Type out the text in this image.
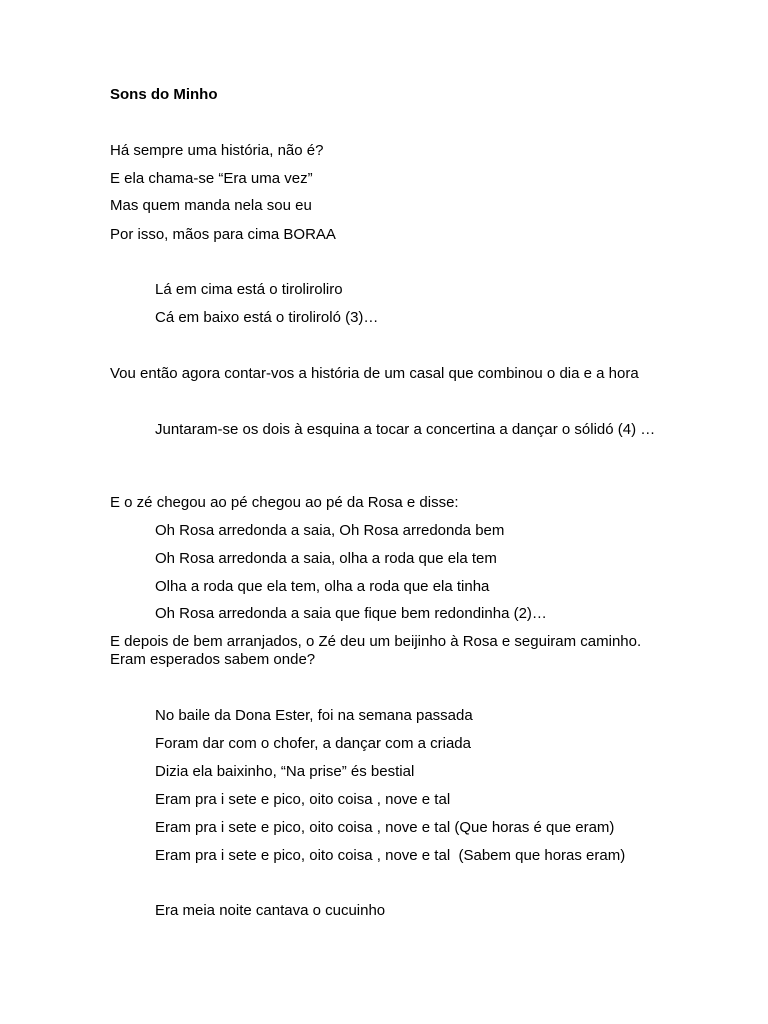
Sons do Minho
Há sempre uma história, não é?
E ela chama-se “Era uma vez”
Mas quem manda nela sou eu
Por isso, mãos para cima BORAA
Lá em cima está o tiroliroliro
Cá em baixo está o tiroliroló (3)…
Vou então agora contar-vos a história de um casal que combinou o dia e a hora
Juntaram-se os dois à esquina a tocar a concertina a dançar o sólidó (4) …
E o zé chegou ao pé chegou ao pé da Rosa e disse:
Oh Rosa arredonda a saia, Oh Rosa arredonda bem
Oh Rosa arredonda a saia, olha a roda que ela tem
Olha a roda que ela tem, olha a roda que ela tinha
Oh Rosa arredonda a saia que fique bem redondinha (2)…
E depois de bem arranjados, o Zé deu um beijinho à Rosa e seguiram caminho. Eram esperados sabem onde?
No baile da Dona Ester, foi na semana passada
Foram dar com o chofer, a dançar com a criada
Dizia ela baixinho, “Na prise” és bestial
Eram pra i sete e pico, oito coisa , nove e tal
Eram pra i sete e pico, oito coisa , nove e tal (Que horas é que eram)
Eram pra i sete e pico, oito coisa , nove e tal  (Sabem que horas eram)
Era meia noite cantava o cucuinho
